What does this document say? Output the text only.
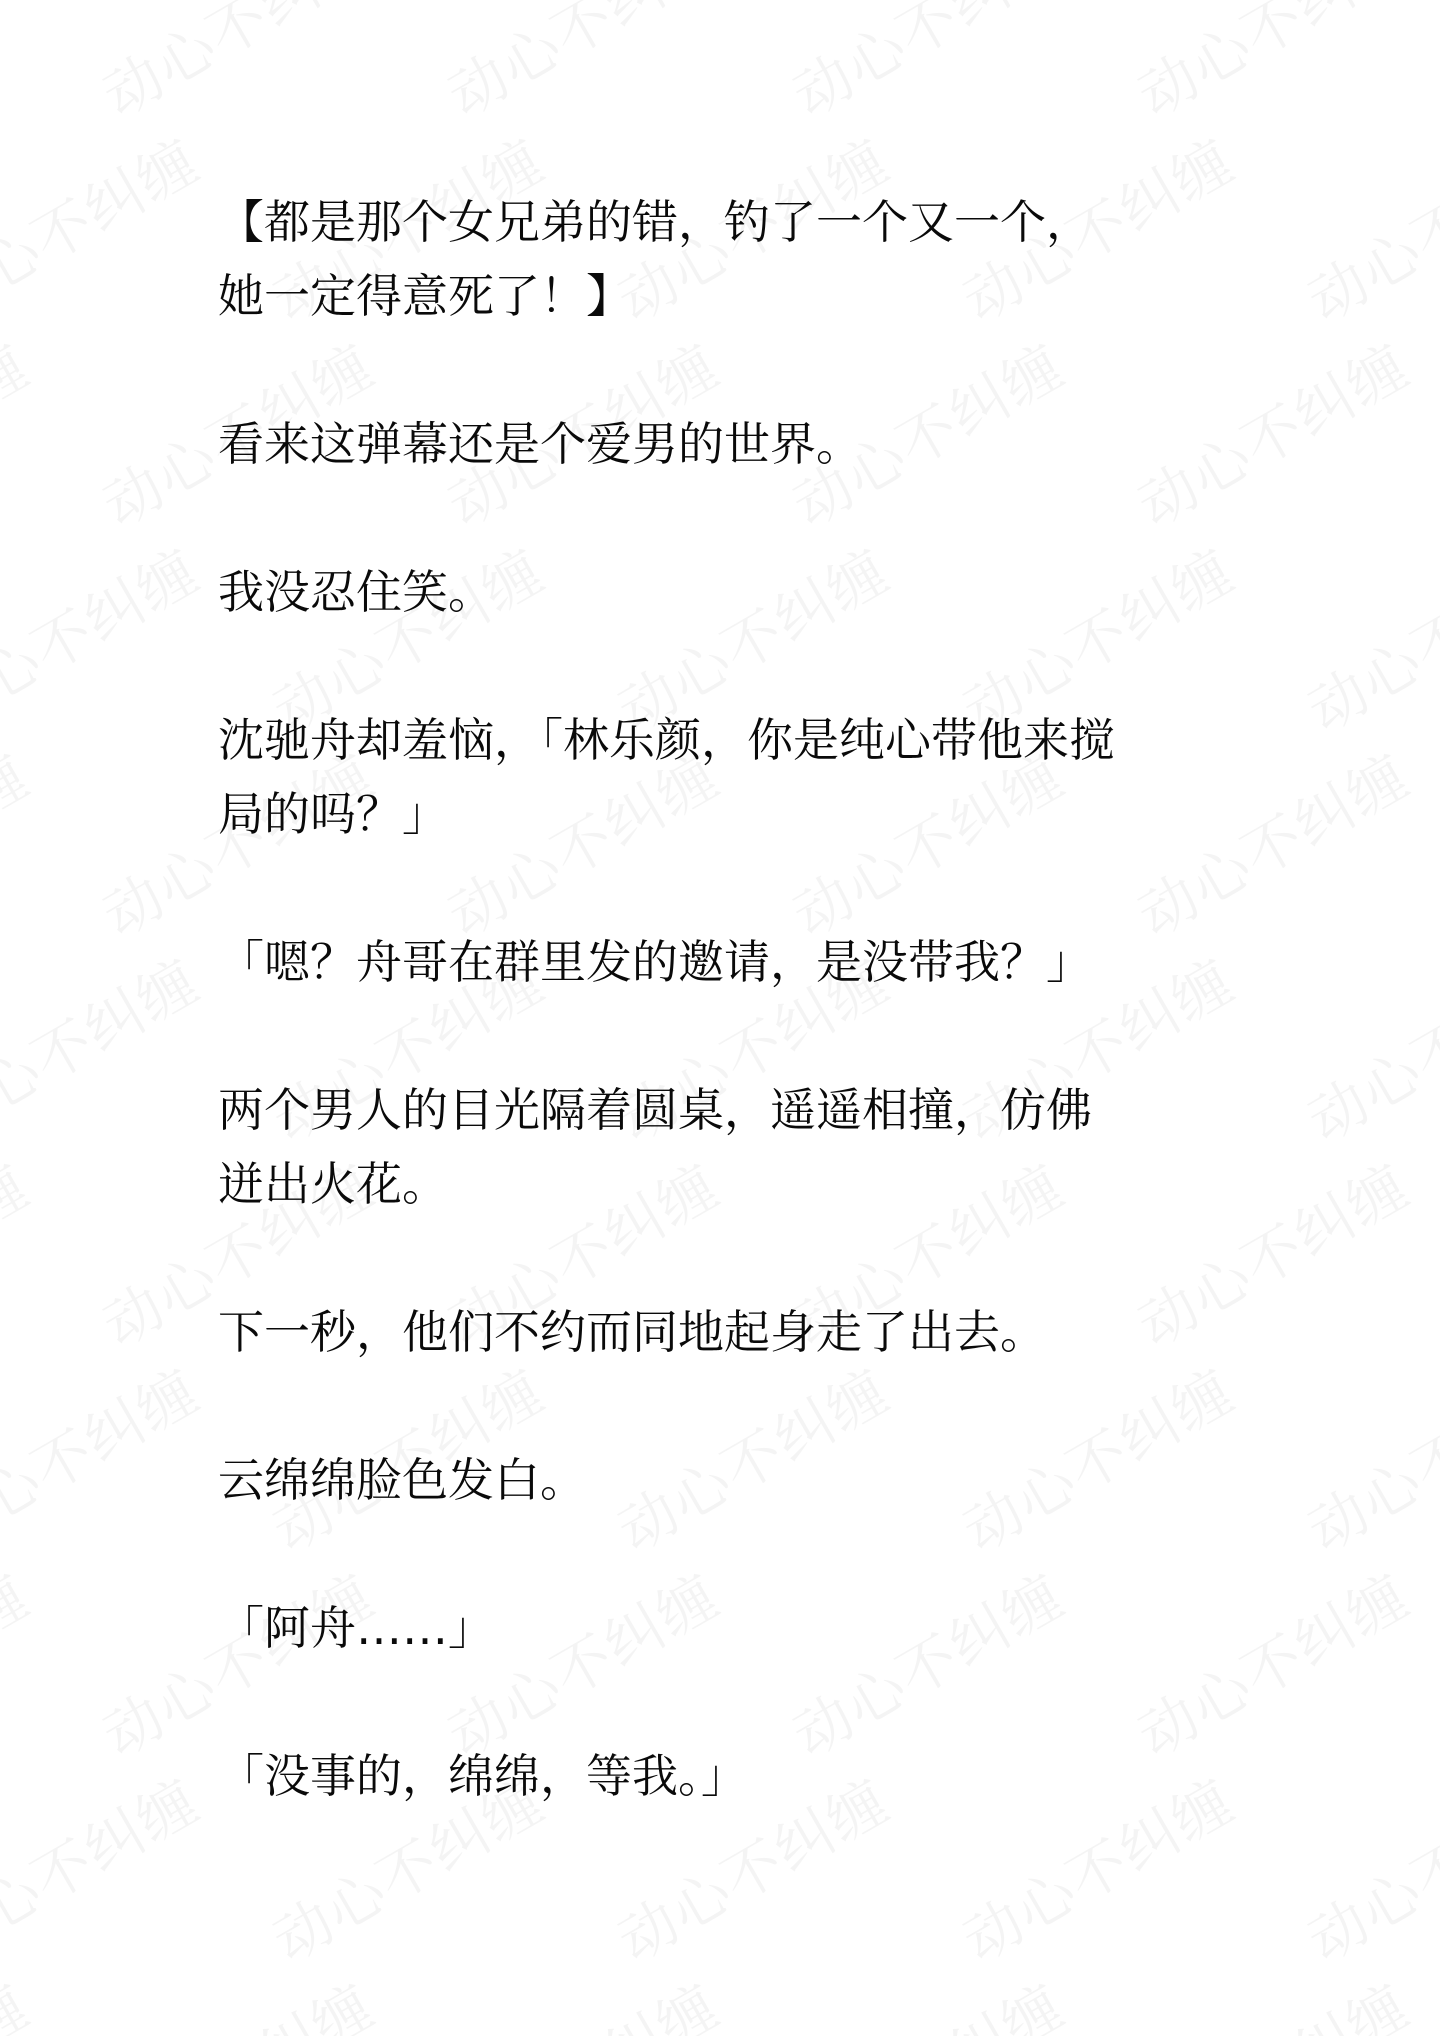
【都是那个女兄弟的错，钓了一个又一个，
她一定得意死了！】

看来这弹幕还是个爱男的世界。

我没忍住笑。

沈驰舟却羞恼，「林乐颜，你是纯心带他来搅
局的吗？」

「嗯？舟哥在群里发的邀请，是没带我？」

两个男人的目光隔着圆桌，遥遥相撞，仿佛
迸出火花。

下一秒，他们不约而同地起身走了出去。

云绵绵脸色发白。

「阿舟……」

「没事的，绵绵，等我。」
